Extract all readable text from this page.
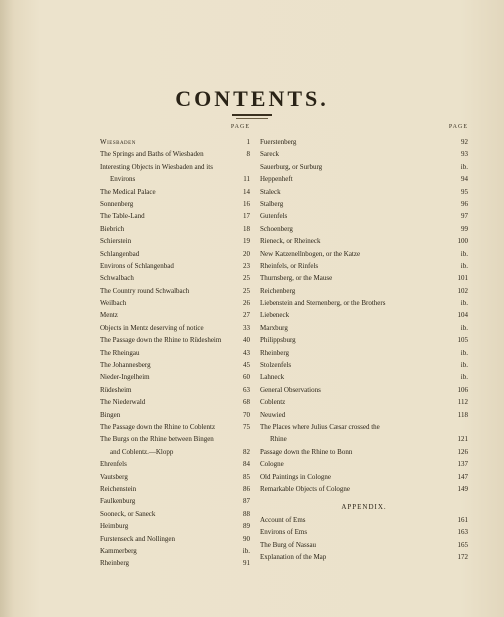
CONTENTS.
PAGE
Wiesbaden	1
The Springs and Baths of Wiesbaden	8
Interesting Objects in Wiesbaden and its
Environs	11
The Medical Palace	14
Sonnenberg	16
The Table-Land	17
Biebrich	18
Schierstein	19
Schlangenbad	20
Environs of Schlangenbad	23
Schwalbach	25
The Country round Schwalbach	25
Weilbach	26
Mentz	27
Objects in Mentz deserving of notice	33
The Passage down the Rhine to Rüdesheim	40
The Rheingau	43
The Johannesberg	45
Nieder-Ingelheim	60
Rüdesheim	63
The Niederwald	68
Bingen	70
The Passage down the Rhine to Coblentz	75
The Burgs on the Rhine between Bingen
and Coblentz.—Klopp	82
Ehrenfels	84
Vautsberg	85
Reichenstein	86
Faulkenburg	87
Sooneck, or Saneck	88
Heimburg	89
Furstenseck and Nollingen	90
Kammerberg	ib.
Rheinberg	91
PAGE
Fuerstenberg	92
Sareck	93
Sauerburg, or Surburg	ib.
Heppenheft	94
Staleck	95
Stalberg	96
Gutenfels	97
Schoenberg	99
Rieneck, or Rheineck	100
New Katzenellnbogen, or the Katze	ib.
Rheinfels, or Rinfels	ib.
Thurnsberg, or the Mause	101
Reichenberg	102
Liebenstein and Sternenberg, or the Brothers	ib.
Liebeneck	104
Marxburg	ib.
Philippsburg	105
Rheinberg	ib.
Stolzenfels	ib.
Lahneck	ib.
General Observations	106
Coblentz	112
Neuwied	118
The Places where Julius Cæsar crossed the
Rhine	121
Passage down the Rhine to Bonn	126
Cologne	137
Old Paintings in Cologne	147
Remarkable Objects of Cologne	149
APPENDIX.
Account of Ems	161
Environs of Ems	163
The Burg of Nassau	165
Explanation of the Map	172
